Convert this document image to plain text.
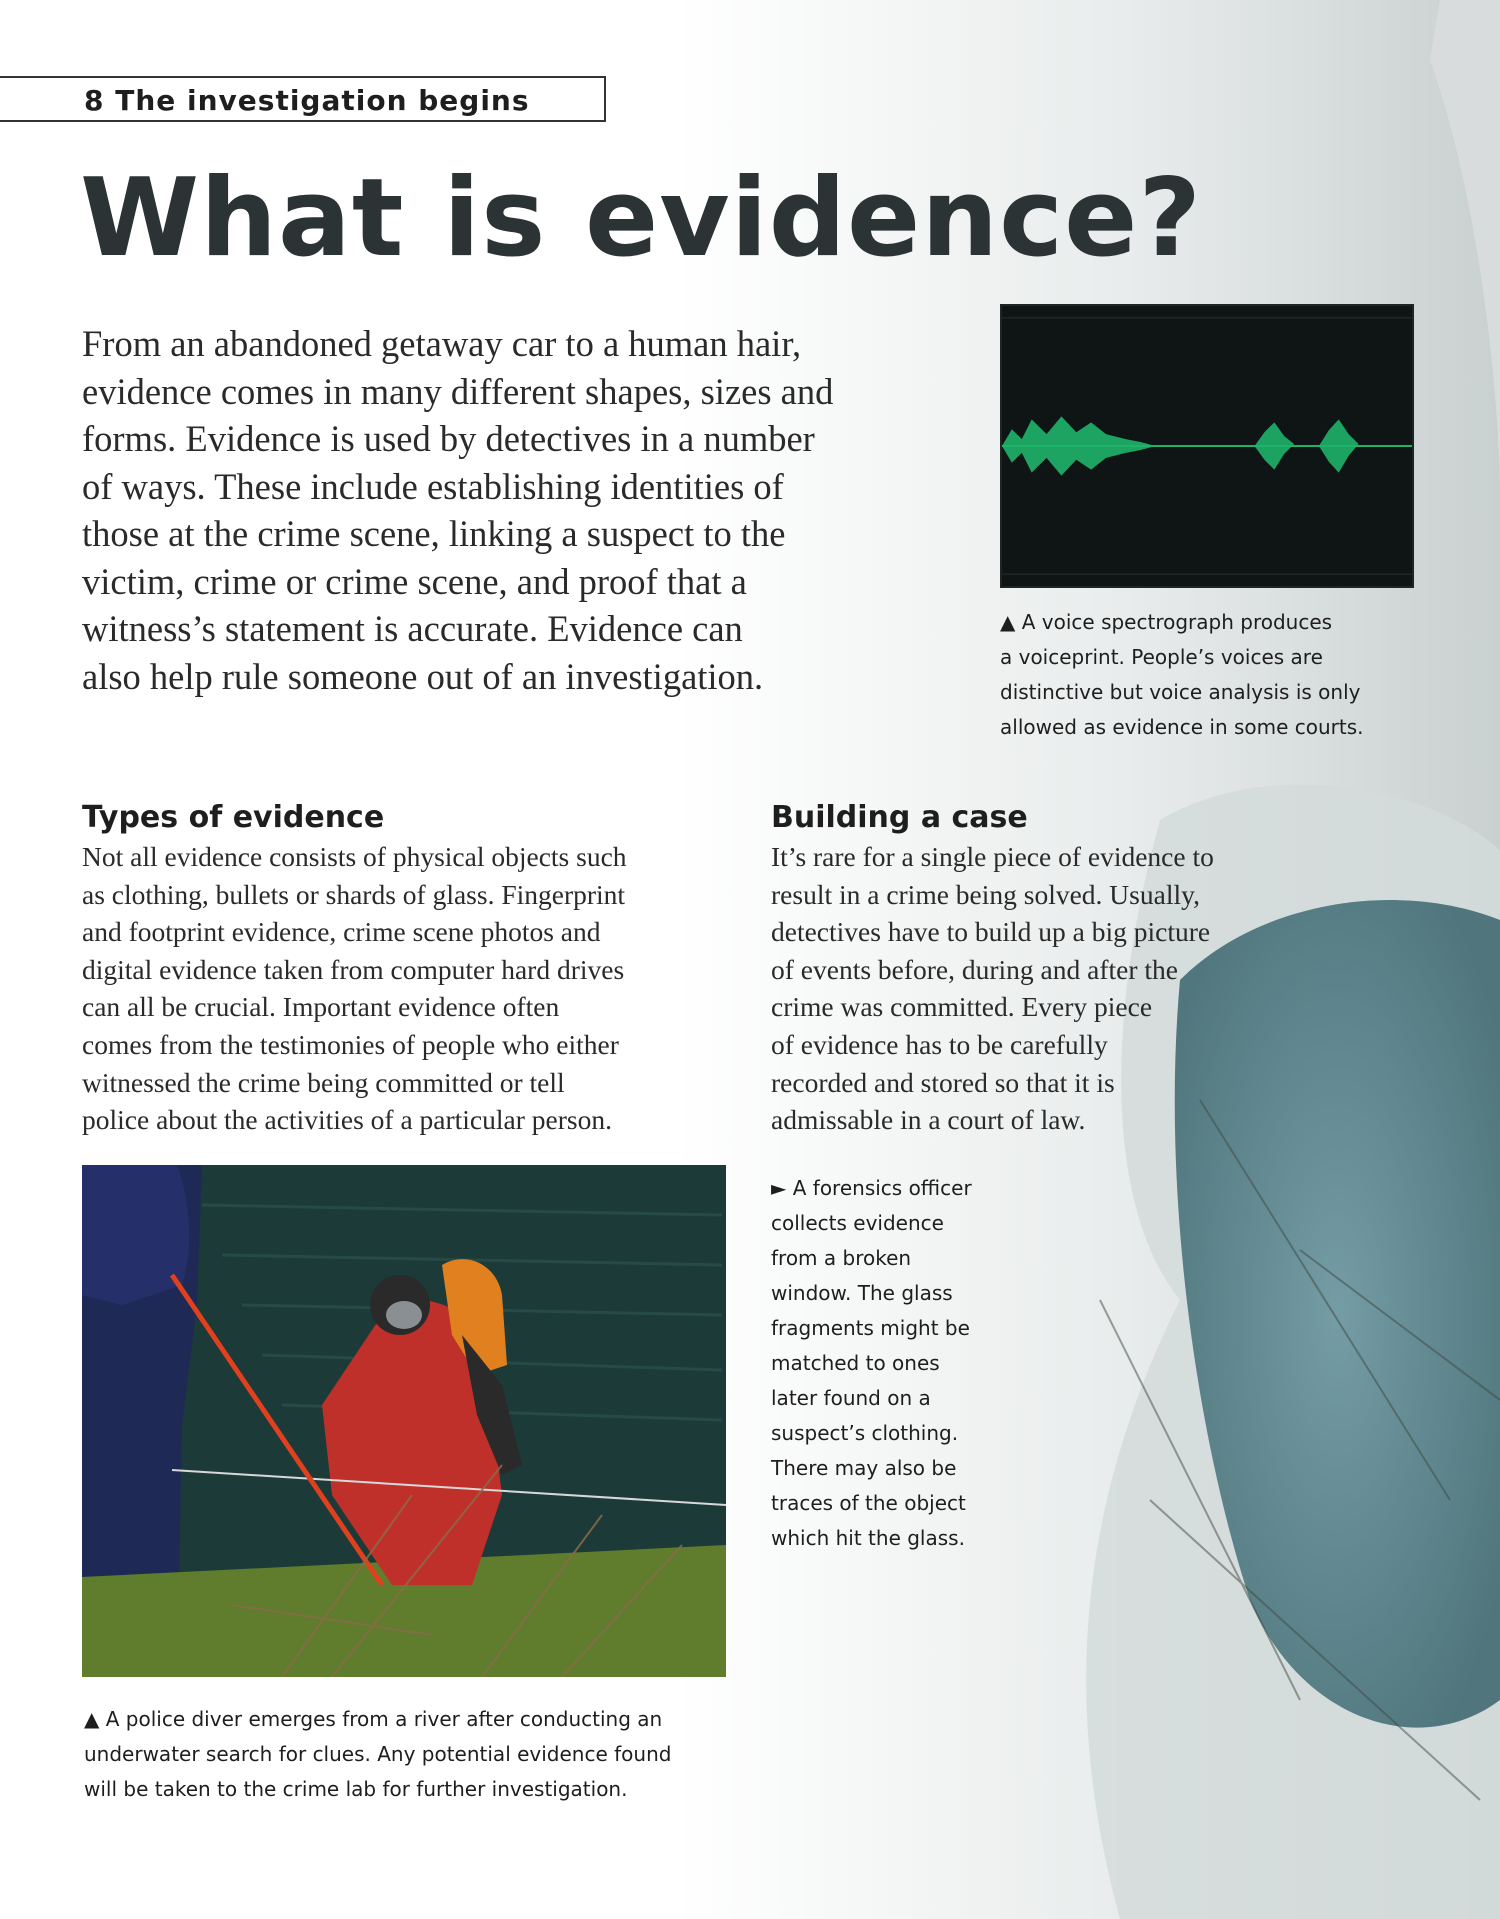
8 The investigation begins
What is evidence?
From an abandoned getaway car to a human hair,
evidence comes in many different shapes, sizes and
forms. Evidence is used by detectives in a number
of ways. These include establishing identities of
those at the crime scene, linking a suspect to the
victim, crime or crime scene, and proof that a
witness’s statement is accurate. Evidence can
also help rule someone out of an investigation.
▲ A voice spectrograph produces
a voiceprint. People’s voices are
distinctive but voice analysis is only
allowed as evidence in some courts.
Types of evidence
Not all evidence consists of physical objects such
as clothing, bullets or shards of glass. Fingerprint
and footprint evidence, crime scene photos and
digital evidence taken from computer hard drives
can all be crucial. Important evidence often
comes from the testimonies of people who either
witnessed the crime being committed or tell
police about the activities of a particular person.
Building a case
It’s rare for a single piece of evidence to
result in a crime being solved. Usually,
detectives have to build up a big picture
of events before, during and after the
crime was committed. Every piece
of evidence has to be carefully
recorded and stored so that it is
admissable in a court of law.
► A forensics officer
collects evidence
from a broken
window. The glass
fragments might be
matched to ones
later found on a
suspect’s clothing.
There may also be
traces of the object
which hit the glass.
▲ A police diver emerges from a river after conducting an
underwater search for clues. Any potential evidence found
will be taken to the crime lab for further investigation.
